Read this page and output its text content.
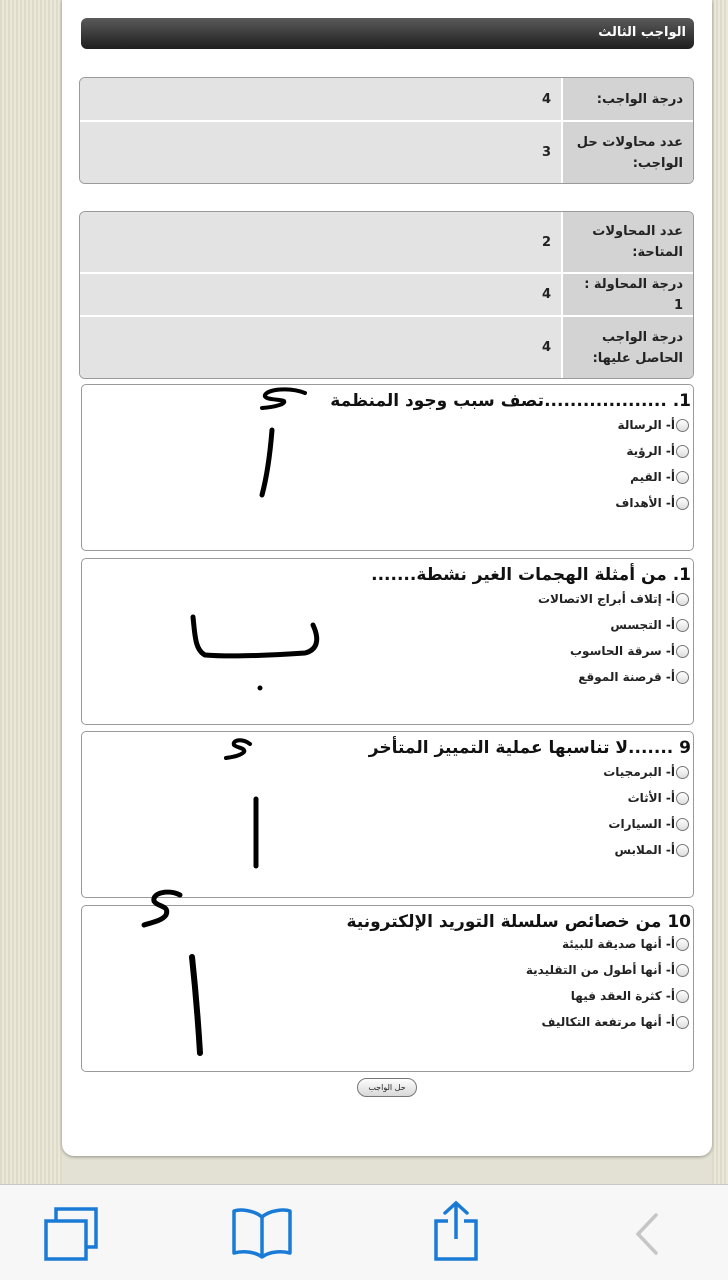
الواجب الثالث
درجة الواجب:
4
عدد محاولات حل الواجب:
3
عدد المحاولات المتاحة:
2
درجة المحاولة : 1
4
درجة الواجب الحاصل عليها:
4
1. ...................تصف سبب وجود المنظمة
أ- الرسالة
أ- الرؤية
أ- القيم
أ- الأهداف
1. من أمثلة الهجمات الغير نشطة.......
أ- إتلاف أبراج الاتصالات
أ- التجسس
أ- سرقة الحاسوب
أ- قرصنة الموقع
9 .......لا تناسبها عملية التمييز المتأخر
أ- البرمجيات
أ- الأثاث
أ- السيارات
أ- الملابس
10 من خصائص سلسلة التوريد الإلكترونية
أ- أنها صديقة للبيئة
أ- أنها أطول من التقليدية
أ- كثرة العقد فيها
أ- أنها مرتفعة التكاليف
حل الواجب
